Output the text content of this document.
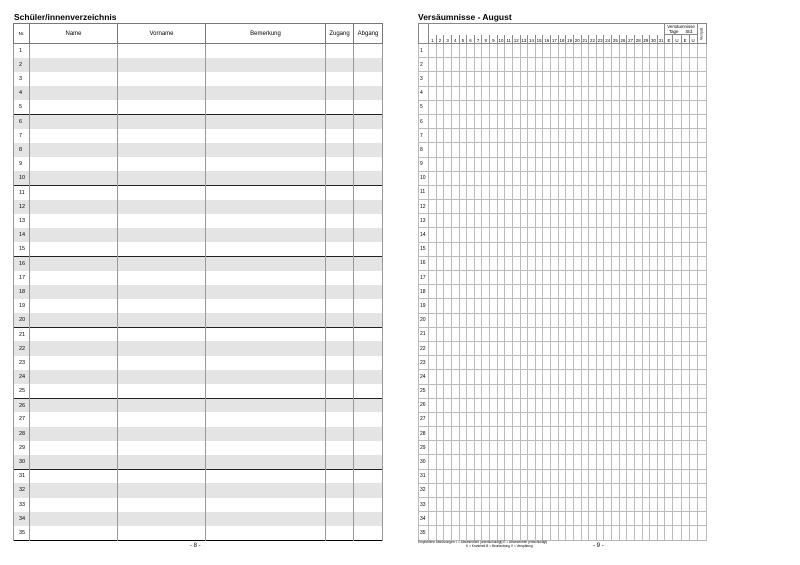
Schüler/innenverzeichnis	Versäumnisse - August
Nr.	Name	Vorname	Bemerkung	Zugang	Abgang
1					
2					
3					
4					
5					
6					
7					
8					
9					
10					
11					
12					
13					
14					
15					
16					
17					
18					
19					
20					
21					
22					
23					
24					
25					
26					
27					
28					
29					
30					
31					
32					
33					
34					
35					

																																Versäumnisse
Tage Std.				Verspät.
	1	2	3	4	5	6	7	8	9	10	11	12	13	14	15	16	17	18	19	20	21	22	23	24	25	26	27	28	29	30	31	E	U	E	U	
1																																				
2																																				
3																																				
4																																				
5																																				
6																																				
7																																				
8																																				
9																																				
10																																				
11																																				
12																																				
13																																				
14																																				
15																																				
16																																				
17																																				
18																																				
19																																				
20																																				
21																																				
22																																				
23																																				
24																																				
25																																				
26																																				
27																																				
28																																				
29																																				
30																																				
31																																				
32																																				
33																																				
34																																				
35																																				
- 8 -
Empfohlene Abkürzungen: I = Abwesenheit (unentschuldigt) E = Abwesenheit (entschuldigt)
K = Krankheit B = Beurlaubung V = Verspätung	- 9 -
